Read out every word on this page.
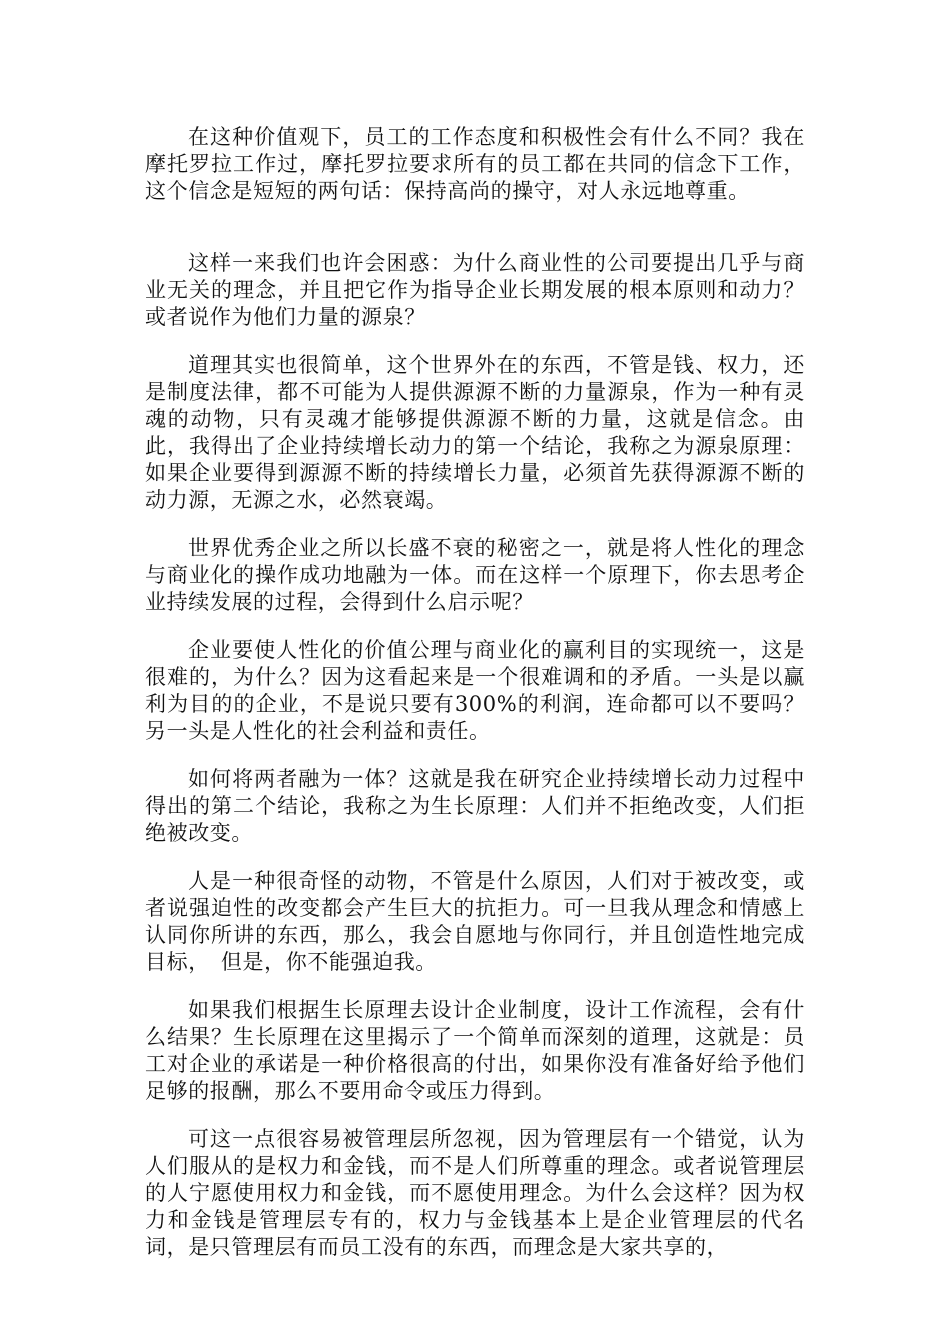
在这种价值观下，员工的工作态度和积极性会有什么不同？我在摩托罗拉工作过，摩托罗拉要求所有的员工都在共同的信念下工作，这个信念是短短的两句话：保持高尚的操守，对人永远地尊重。

这样一来我们也许会困惑：为什么商业性的公司要提出几乎与商业无关的理念，并且把它作为指导企业长期发展的根本原则和动力？或者说作为他们力量的源泉？

道理其实也很简单，这个世界外在的东西，不管是钱、权力，还是制度法律，都不可能为人提供源源不断的力量源泉，作为一种有灵魂的动物，只有灵魂才能够提供源源不断的力量，这就是信念。由此，我得出了企业持续增长动力的第一个结论，我称之为源泉原理：如果企业要得到源源不断的持续增长力量，必须首先获得源源不断的动力源，无源之水，必然衰竭。

世界优秀企业之所以长盛不衰的秘密之一，就是将人性化的理念与商业化的操作成功地融为一体。而在这样一个原理下，你去思考企业持续发展的过程，会得到什么启示呢？

企业要使人性化的价值公理与商业化的赢利目的实现统一，这是很难的，为什么？因为这看起来是一个很难调和的矛盾。一头是以赢利为目的的企业，不是说只要有300%的利润，连命都可以不要吗？另一头是人性化的社会利益和责任。

如何将两者融为一体？这就是我在研究企业持续增长动力过程中得出的第二个结论，我称之为生长原理：人们并不拒绝改变，人们拒绝被改变。

人是一种很奇怪的动物，不管是什么原因，人们对于被改变，或者说强迫性的改变都会产生巨大的抗拒力。可一旦我从理念和情感上认同你所讲的东西，那么，我会自愿地与你同行，并且创造性地完成目标，　但是，你不能强迫我。

如果我们根据生长原理去设计企业制度，设计工作流程，会有什么结果？生长原理在这里揭示了一个简单而深刻的道理，这就是：员工对企业的承诺是一种价格很高的付出，如果你没有准备好给予他们足够的报酬，那么不要用命令或压力得到。

可这一点很容易被管理层所忽视，因为管理层有一个错觉，认为人们服从的是权力和金钱，而不是人们所尊重的理念。或者说管理层的人宁愿使用权力和金钱，而不愿使用理念。为什么会这样？因为权力和金钱是管理层专有的，权力与金钱基本上是企业管理层的代名词，是只管理层有而员工没有的东西，而理念是大家共享的，
